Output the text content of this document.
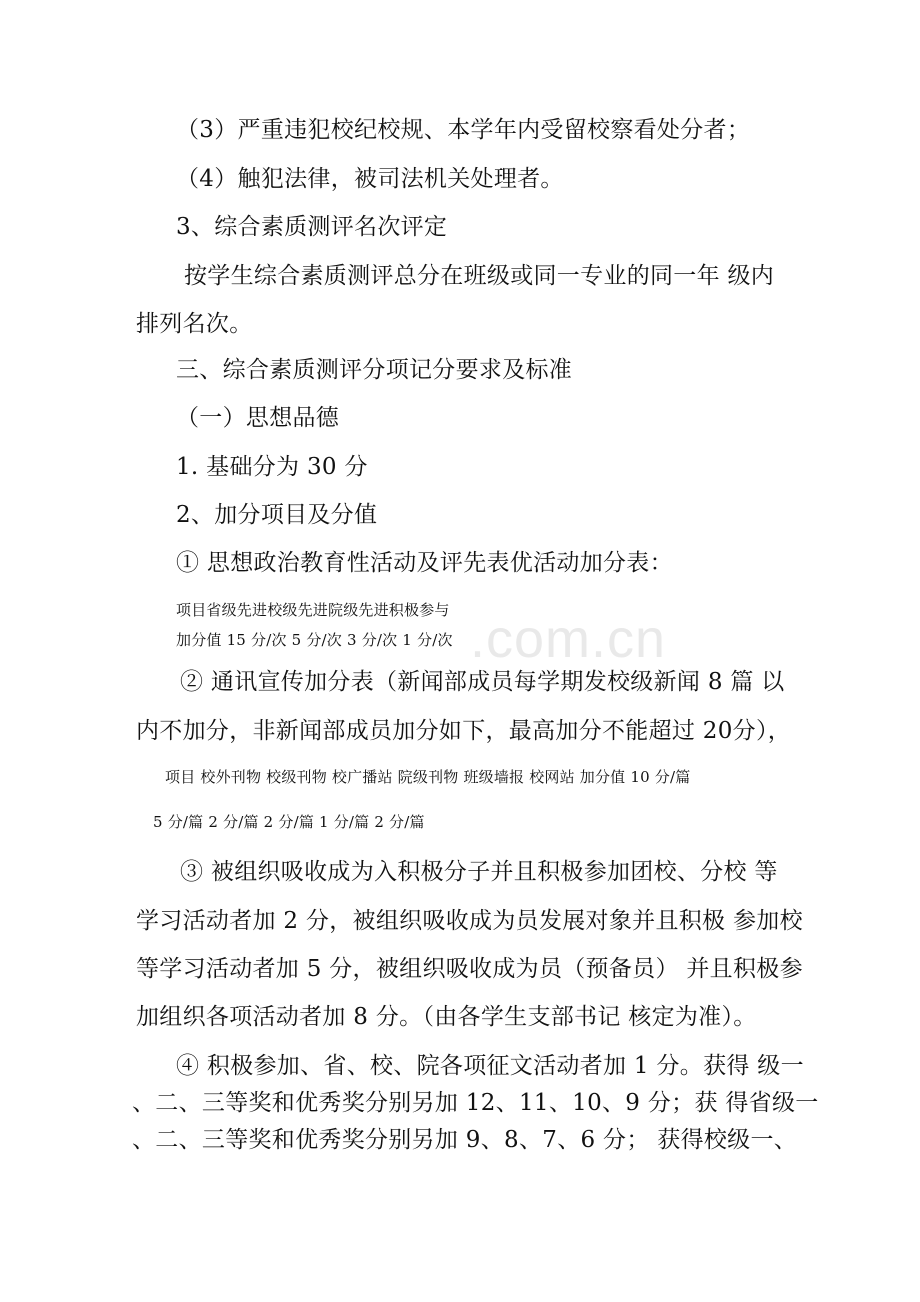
.com.cn
（3）严重违犯校纪校规、本学年内受留校察看处分者；
（4）触犯法律，被司法机关处理者。
3、综合素质测评名次评定
按学生综合素质测评总分在班级或同一专业的同一年 级内
排列名次。
三、综合素质测评分项记分要求及标准
（一）思想品德
1. 基础分为 30 分
2、加分项目及分值
① 思想政治教育性活动及评先表优活动加分表：
项目省级先进校级先进院级先进积极参与
加分值 15 分/次 5 分/次 3 分/次 1 分/次
② 通讯宣传加分表（新闻部成员每学期发校级新闻 8 篇 以
内不加分，非新闻部成员加分如下，最高加分不能超过 20分），
项目 校外刊物 校级刊物 校广播站 院级刊物 班级墙报 校网站 加分值 10 分/篇
5 分/篇 2 分/篇 2 分/篇 1 分/篇 2 分/篇
③ 被组织吸收成为入积极分子并且积极参加团校、分校 等
学习活动者加 2 分，被组织吸收成为员发展对象并且积极 参加校
等学习活动者加 5 分，被组织吸收成为员（预备员） 并且积极参
加组织各项活动者加 8 分。（由各学生支部书记 核定为准）。
④ 积极参加、省、校、院各项征文活动者加 1 分。获得 级一
、二、三等奖和优秀奖分别另加 12、11、10、9 分；获 得省级一
、二、三等奖和优秀奖分别另加 9、8、7、6 分； 获得校级一、
